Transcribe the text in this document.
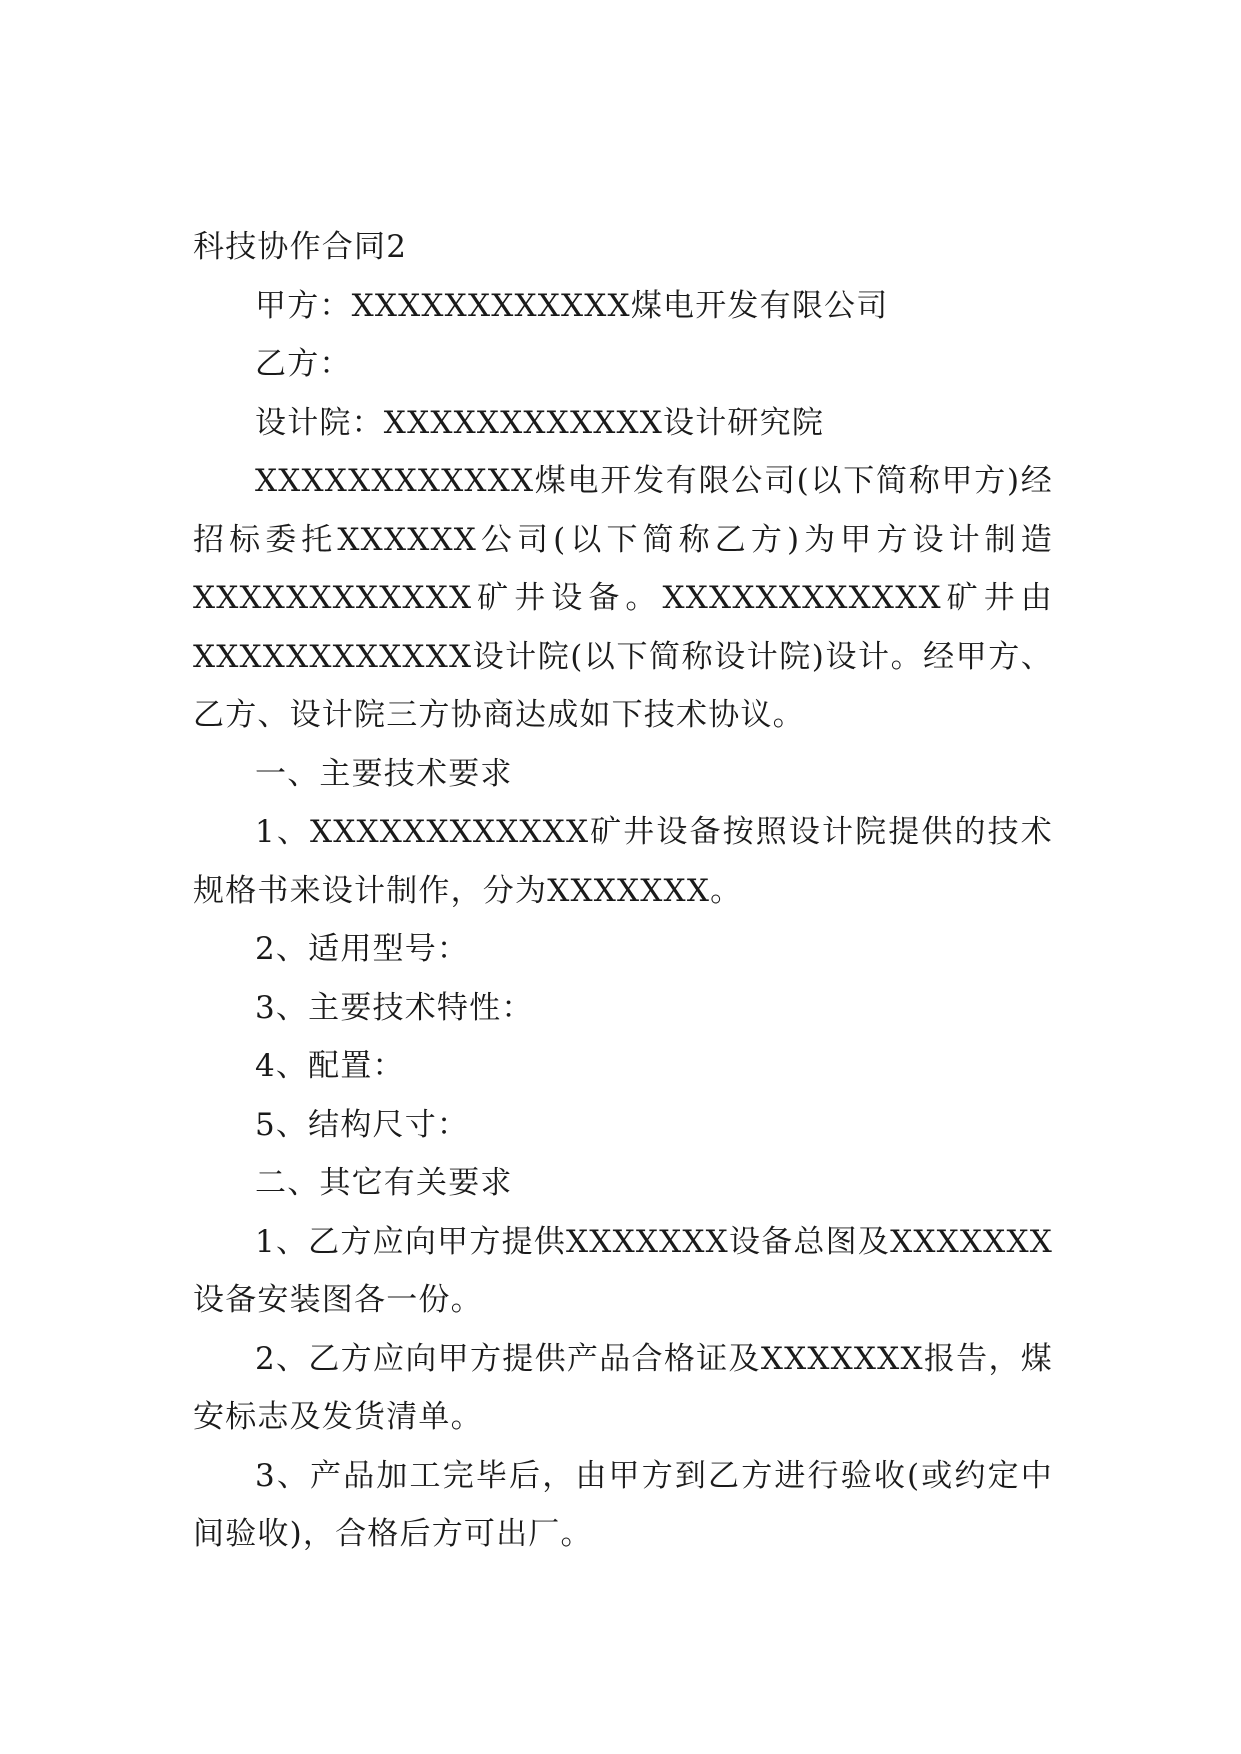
科技协作合同2

甲方：XXXXXXXXXXXX煤电开发有限公司

乙方：

设计院：XXXXXXXXXXXX设计研究院

XXXXXXXXXXXX煤电开发有限公司(以下简称甲方)经招标委托XXXXXX公司(以下简称乙方)为甲方设计制造XXXXXXXXXXXX矿井设备。XXXXXXXXXXXX矿井由XXXXXXXXXXXX设计院(以下简称设计院)设计。经甲方、乙方、设计院三方协商达成如下技术协议。

一、主要技术要求

1、XXXXXXXXXXXX矿井设备按照设计院提供的技术规格书来设计制作，分为XXXXXXX。

2、适用型号：

3、主要技术特性：

4、配置：

5、结构尺寸：

二、其它有关要求

1、乙方应向甲方提供XXXXXXX设备总图及XXXXXXX设备安装图各一份。

2、乙方应向甲方提供产品合格证及XXXXXXX报告，煤安标志及发货清单。

3、产品加工完毕后，由甲方到乙方进行验收(或约定中间验收)，合格后方可出厂。
